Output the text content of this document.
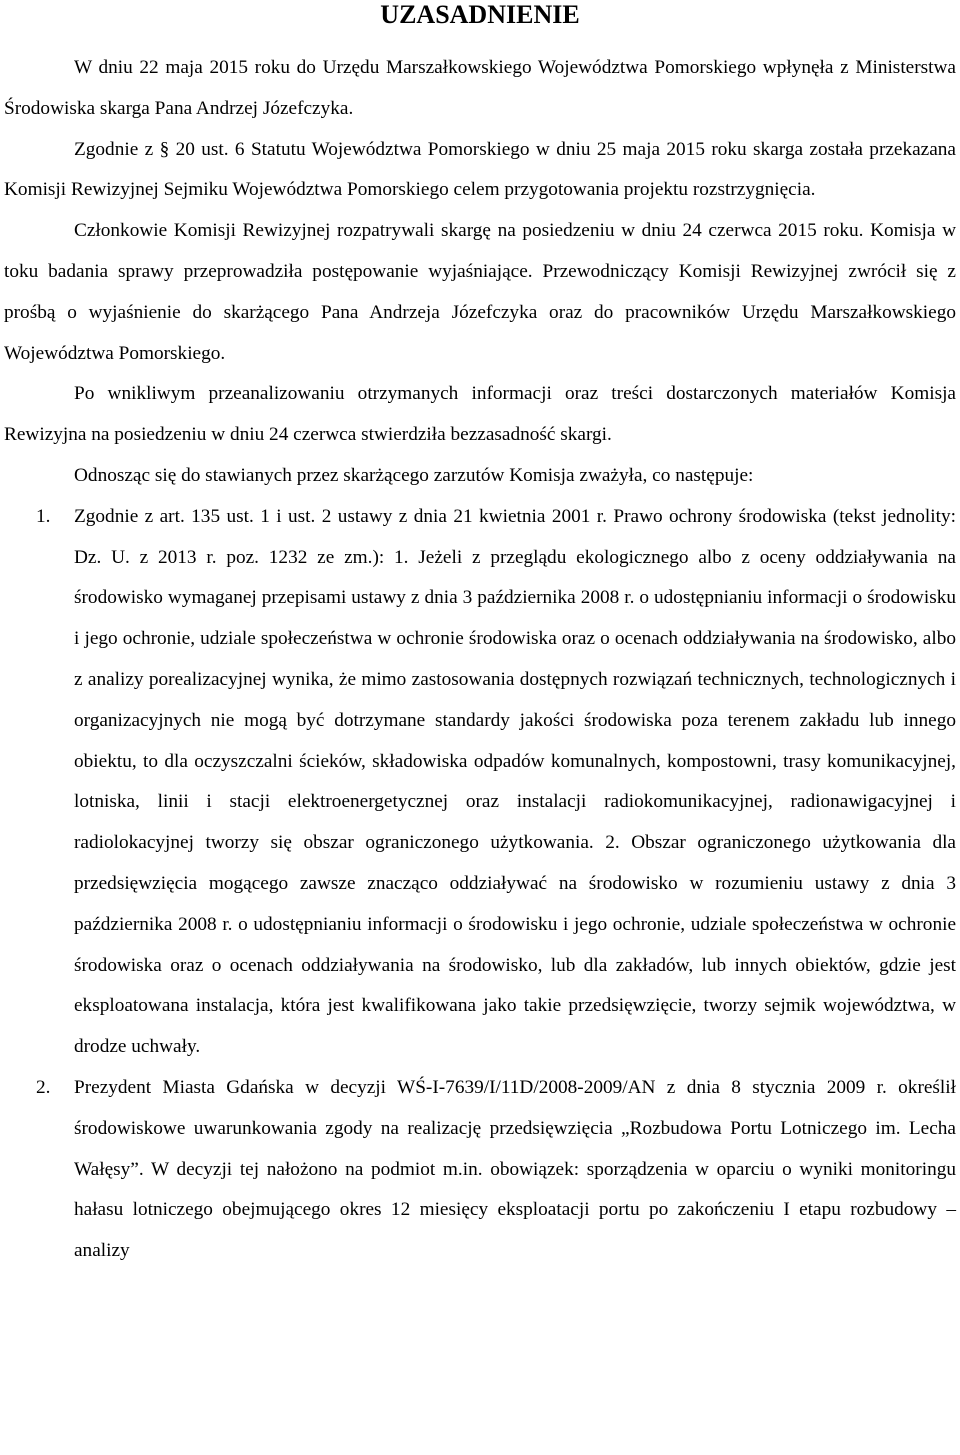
UZASADNIENIE

W dniu 22 maja 2015 roku do Urzędu Marszałkowskiego Województwa Pomorskiego wpłynęła z Ministerstwa Środowiska skarga Pana Andrzej Józefczyka.

Zgodnie z § 20 ust. 6 Statutu Województwa Pomorskiego w dniu 25 maja 2015 roku skarga została przekazana Komisji Rewizyjnej Sejmiku Województwa Pomorskiego celem przygotowania projektu rozstrzygnięcia.

Członkowie Komisji Rewizyjnej rozpatrywali skargę na posiedzeniu w dniu 24 czerwca 2015 roku. Komisja w toku badania sprawy przeprowadziła postępowanie wyjaśniające. Przewodniczący Komisji Rewizyjnej zwrócił się z prośbą o wyjaśnienie do skarżącego Pana Andrzeja Józefczyka oraz do pracowników Urzędu Marszałkowskiego Województwa Pomorskiego.

Po wnikliwym przeanalizowaniu otrzymanych informacji oraz treści dostarczonych materiałów Komisja Rewizyjna na posiedzeniu w dniu 24 czerwca stwierdziła bezzasadność skargi.

Odnosząc się do stawianych przez skarżącego zarzutów Komisja zważyła, co następuje:

1. Zgodnie z art. 135 ust. 1 i ust. 2 ustawy z dnia 21 kwietnia 2001 r. Prawo ochrony środowiska (tekst jednolity: Dz. U. z 2013 r. poz. 1232 ze zm.): 1. Jeżeli z przeglądu ekologicznego albo z oceny oddziaływania na środowisko wymaganej przepisami ustawy z dnia 3 października 2008 r. o udostępnianiu informacji o środowisku i jego ochronie, udziale społeczeństwa w ochronie środowiska oraz o ocenach oddziaływania na środowisko, albo z analizy porealizacyjnej wynika, że mimo zastosowania dostępnych rozwiązań technicznych, technologicznych i organizacyjnych nie mogą być dotrzymane standardy jakości środowiska poza terenem zakładu lub innego obiektu, to dla oczyszczalni ścieków, składowiska odpadów komunalnych, kompostowni, trasy komunikacyjnej, lotniska, linii i stacji elektroenergetycznej oraz instalacji radiokomunikacyjnej, radionawigacyjnej i radiolokacyjnej tworzy się obszar ograniczonego użytkowania. 2. Obszar ograniczonego użytkowania dla przedsięwzięcia mogącego zawsze znacząco oddziaływać na środowisko w rozumieniu ustawy z dnia 3 października 2008 r. o udostępnianiu informacji o środowisku i jego ochronie, udziale społeczeństwa w ochronie środowiska oraz o ocenach oddziaływania na środowisko, lub dla zakładów, lub innych obiektów, gdzie jest eksploatowana instalacja, która jest kwalifikowana jako takie przedsięwzięcie, tworzy sejmik województwa, w drodze uchwały.
2. Prezydent Miasta Gdańska w decyzji WŚ-I-7639/I/11D/2008-2009/AN z dnia 8 stycznia 2009 r. określił środowiskowe uwarunkowania zgody na realizację przedsięwzięcia „Rozbudowa Portu Lotniczego im. Lecha Wałęsy”. W decyzji tej nałożono na podmiot m.in. obowiązek: sporządzenia w oparciu o wyniki monitoringu hałasu lotniczego obejmującego okres 12 miesięcy eksploatacji portu po zakończeniu I etapu rozbudowy – analizy
